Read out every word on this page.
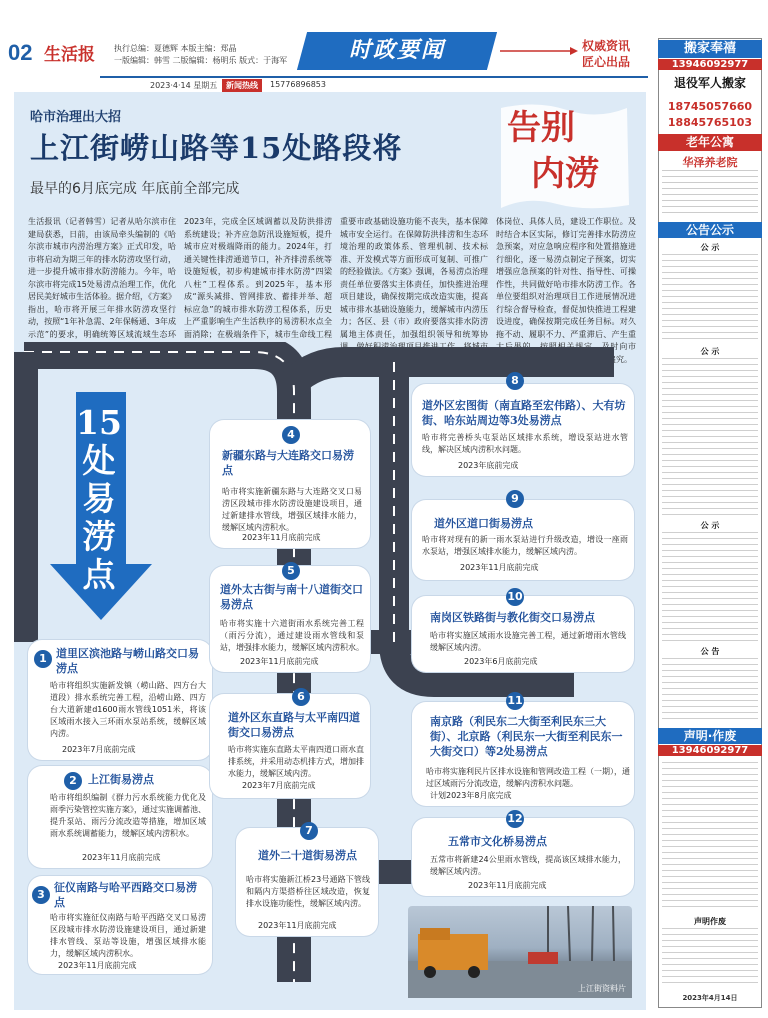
02 生活报 执行总编：夏德辉 本版主编：郑晶
一版编辑：韩雪 二版编辑：杨明乐 版式：于海军	时政要闻	权威资讯
匠心出品
2023·4·14 星期五	新闻热线	15776896853
哈市治理出大招
上江街崂山路等15处路段将
最早的6月底完成 年底前全部完成
告别
内涝
生活报讯（记者韩雪）记者从哈尔滨市住建局获悉，日前，由该局牵头编制的《哈尔滨市城市内涝治理方案》正式印发，哈市将启动为期三年的排水防涝攻坚行动，进一步提升城市排水防涝能力。今年，哈尔滨市将完成15处易涝点治理工作，优化居民美好城市生活体验。据介绍，《方案》指出，哈市将开展三年排水防涝攻坚行动，按照“1年补急需、2年保畅通、3年成示范”的要求，明确统筹区域流域生态环境治理和城市排水防涝体系的建设任务。
2023年，完成全区域调蓄以及防洪排涝系统建设；补齐应急防汛设施短板，提升城市应对极端降雨的能力。2024年，打通关键性排涝通道节口，补齐排涝系统等设施短板，初步构建城市排水防涝“四梁八柱”工程体系。到2025年，基本形成“源头减排、管网排放、蓄排并举、超标应急”的城市排水防涝工程体系，历史上严重影响生产生活秩序的易涝积水点全面消除；在极端条件下，城市生命线工程等
重要市政基础设施功能不丧失，基本保障城市安全运行。在保障防洪排涝和生态环境治理的政策体系、管理机制、技术标准、开发模式等方面形成可复制、可推广的经验做法。《方案》强调，各易涝点治理责任单位要落实主体责任，加快推进治理项目建设，确保按期完成改造实施，提高城市排水基础设施能力，缓解城市内涝压力；各区、县（市）政府要落实排水防涝属地主体责任，加强组织领导和统筹协调，做好积涝治理项目推进工作，将城市排水防涝工作落实到具
体岗位、具体人员，建设工作职位。及时结合本区实际，修订完善排水防涝应急预案，对应急响应程序和处置措施进行细化，逐一易涝点制定子预案，切实增强应急预案的针对性、指导性、可操作性，共同做好哈市排水防涝工作。各单位要组织对治理项目工作进展情况进行综合督导检查，督促加快推进工程建设进度，确保按期完成任务目标。对久拖不动、履职不力、严重滞后、产生重大后果的，按照相关规定，及时向市委、市政府汇报，实施相关责任追究。
15
处
易
涝
点
1 道里区滨池路与崂山路交口易涝点
哈市将组织实施新发镇（崂山路、四方台大道段）排水系统完善工程，沿崂山路、四方台大道新建d1600雨水管线1051米，将该区域雨水接入三环雨水泵站系统，缓解区域内涝。
2023年7月底前完成
2	上江街易涝点
哈市将组织编制《群力污水系统能力优化及雨季污染管控实施方案》，通过实施调蓄池、提升泵站、雨污分流改造等措施，增加区域雨水系统调蓄能力，缓解区域内涝积水。
2023年11月底前完成
3
征仪南路与哈平西路交口易涝点
哈市将实施征仪南路与哈平西路交叉口易涝区段城市排水防涝设施建设项目，通过新建排水管线、泵站等设施，增强区域排水能力，缓解区域内涝积水。
2023年11月底前完成
4
新疆东路与大连路交口易涝点
哈市将实施新疆东路与大连路交叉口易涝区段城市排水防涝设施建设项目，通过新建排水管线，增强区域排水能力，缓解区域内涝积水。
2023年11月底前完成
5
道外太古街与南十八道街交口易涝点
哈市将实施十六道街雨水系统完善工程（雨污分流），通过建设雨水管线和泵站，增强排水能力，缓解区域内涝积水。
2023年11月底前完成
6
道外区东直路与太平南四道街交口易涝点
哈市将实施东直路太平南四道口雨水直排系统，并采用动态机排方式，增加排水能力，缓解区域内涝。
2023年7月底前完成
7
道外二十道街易涝点
哈市将实施新江桥23号通路下管线和隔内方渠搭桥往区域改造，恢复排水设施功能性，缓解区域内涝。
2023年11月底前完成
8
道外区宏图街（南直路至宏伟路）、大有坊街、哈东站周边等3处易涝点
哈市将完善桥头屯泵站区域排水系统，增设泵站进水管线，解决区域内涝积水问题。
2023年底前完成
9
道外区道口街易涝点
哈市将对现有的新一雨水泵站进行升级改造，增设一座雨水泵站，增强区域排水能力，缓解区域内涝。
2023年11月底前完成
10
南岗区铁路街与教化街交口易涝点
哈市将实施区域雨水设施完善工程，通过新增雨水管线缓解区域内涝。
2023年6月底前完成
11
南京路（利民东二大街至利民东三大街）、北京路（利民东一大街至利民东一大街交口）等2处易涝点
哈市将实施利民片区排水设施和管网改造工程（一期），通过区域雨污分流改造，缓解内涝积水问题。
计划2023年8月底完成
12
五常市文化桥易涝点
五常市将新建24公里雨水管线，提高该区域排水能力，缓解区域内涝。
2023年11月底前完成
上江街资料片
搬家奉禧
13946092977
退役军人搬家
18745057660
18845765103
老年公寓
华泽养老院
公告公示
公 示
公 示
公 示
公 告
声明·作废
13946092977
声明作废
2023年4月14日
